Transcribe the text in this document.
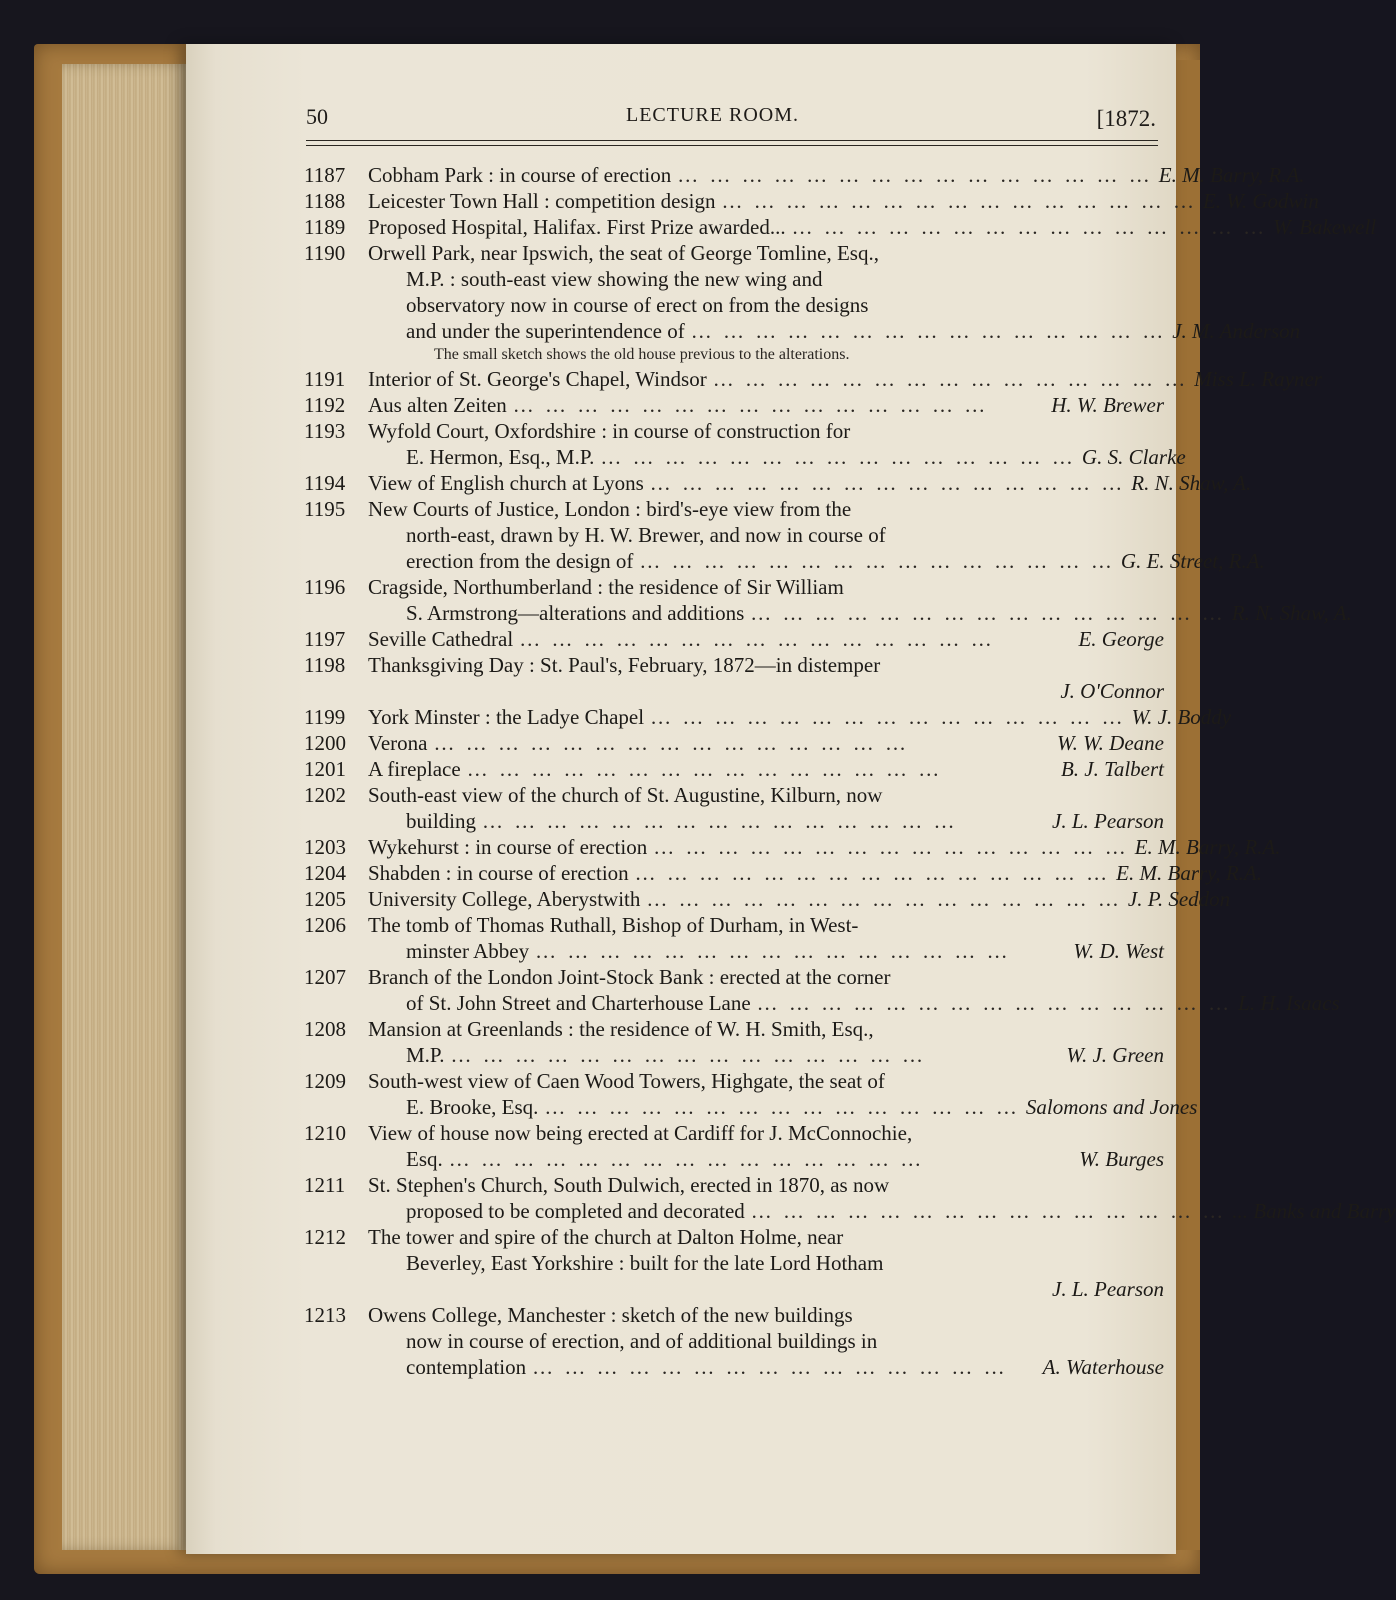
50	LECTURE ROOM.	[1872.
1187	Cobham Park : in course of erection … … … … … … … … … … … … … … …	E. M. Barry, R.A.
1188	Leicester Town Hall : competition design … … … … … … … … … … … … … … …	E. W. Godwin
1189	Proposed Hospital, Halifax. First Prize awarded... … … … … … … … … … … … … … … …	W. Bakewell
1190	Orwell Park, near Ipswich, the seat of George Tomline, Esq.,
M.P. : south-east view showing the new wing and
observatory now in course of erect on from the designs
and under the superintendence of … … … … … … … … … … … … … … …	J. M. Anderson
The small sketch shows the old house previous to the alterations.
1191	Interior of St. George's Chapel, Windsor … … … … … … … … … … … … … … …	Miss L. Rayner
1192	Aus alten Zeiten … … … … … … … … … … … … … … …	H. W. Brewer
1193	Wyfold Court, Oxfordshire : in course of construction for
E. Hermon, Esq., M.P. … … … … … … … … … … … … … … …	G. S. Clarke
1194	View of English church at Lyons … … … … … … … … … … … … … … …	R. N. Shaw, A.
1195	New Courts of Justice, London : bird's-eye view from the
north-east, drawn by H. W. Brewer, and now in course of
erection from the design of … … … … … … … … … … … … … … …	G. E. Street, R.A.
1196	Cragside, Northumberland : the residence of Sir William
S. Armstrong—alterations and additions … … … … … … … … … … … … … … …	R. N. Shaw, A.
1197	Seville Cathedral … … … … … … … … … … … … … … …	E. George
1198	Thanksgiving Day : St. Paul's, February, 1872—in distemper
J. O'Connor
1199	York Minster : the Ladye Chapel … … … … … … … … … … … … … … …	W. J. Boddy
1200	Verona … … … … … … … … … … … … … … …	W. W. Deane
1201	A fireplace … … … … … … … … … … … … … … …	B. J. Talbert
1202	South-east view of the church of St. Augustine, Kilburn, now
building … … … … … … … … … … … … … … …	J. L. Pearson
1203	Wykehurst : in course of erection … … … … … … … … … … … … … … …	E. M. Barry, R.A.
1204	Shabden : in course of erection … … … … … … … … … … … … … … …	E. M. Barry, R.A.
1205	University College, Aberystwith … … … … … … … … … … … … … … …	J. P. Seddon
1206	The tomb of Thomas Ruthall, Bishop of Durham, in West-
minster Abbey … … … … … … … … … … … … … … …	W. D. West
1207	Branch of the London Joint-Stock Bank : erected at the corner
of St. John Street and Charterhouse Lane … … … … … … … … … … … … … … …	L. H. Isaacs
1208	Mansion at Greenlands : the residence of W. H. Smith, Esq.,
M.P. … … … … … … … … … … … … … … …	W. J. Green
1209	South-west view of Caen Wood Towers, Highgate, the seat of
E. Brooke, Esq. … … … … … … … … … … … … … … …	Salomons and Jones
1210	View of house now being erected at Cardiff for J. McConnochie,
Esq. … … … … … … … … … … … … … … …	W. Burges
1211	St. Stephen's Church, South Dulwich, erected in 1870, as now
proposed to be completed and decorated … … … … … … … … … … … … … … …	... Banks and Barry
1212	The tower and spire of the church at Dalton Holme, near
Beverley, East Yorkshire : built for the late Lord Hotham
J. L. Pearson
1213	Owens College, Manchester : sketch of the new buildings
now in course of erection, and of additional buildings in
contemplation … … … … … … … … … … … … … … …	A. Waterhouse
